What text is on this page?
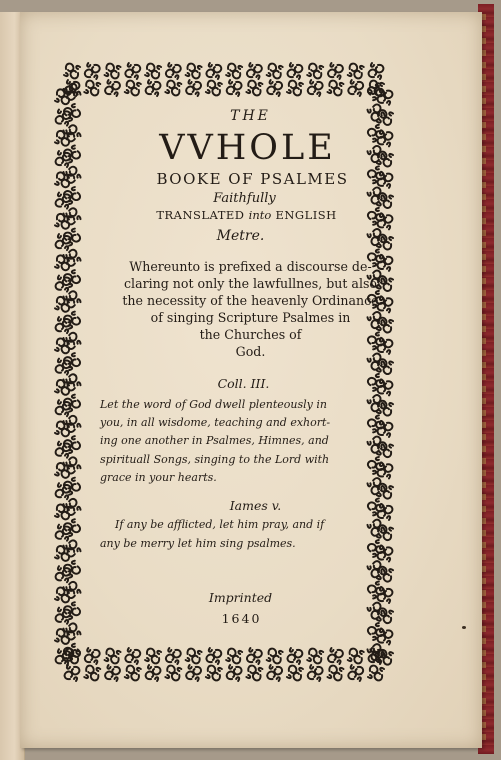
THE
VVHOLE
BOOKE OF PSALMES
Faithfully
TRANSLATED into ENGLISH
Metre.
Whereunto is prefixed a discourse de-
claring not only the lawfullnes, but also
the necessity of the heavenly Ordinance
of singing Scripture Psalmes in
the Churches of
God.
Coll. III.
Let the word of God dwell plenteously in
you, in all wisdome, teaching and exhort-
ing one another in Psalmes, Himnes, and
spirituall Songs, singing to the Lord with
grace in your hearts.
Iames v.
If any be afflicted, let him pray, and if
any be merry let him sing psalmes.
Imprinted
1640
